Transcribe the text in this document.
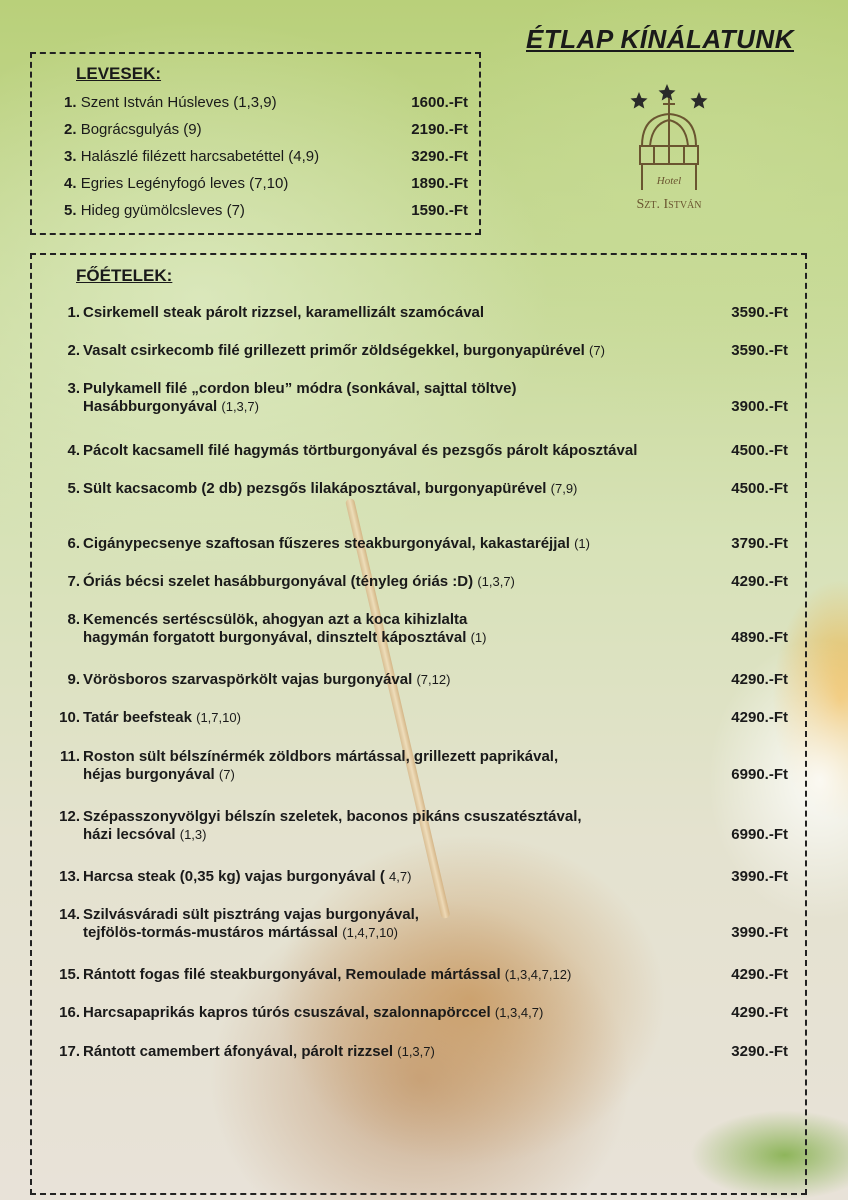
ÉTLAP KÍNÁLATUNK
Hotel
Szt. István
LEVESEK:
1. Szent István Húsleves (1,3,9)	1600.-Ft
2. Bográcsgulyás (9)	2190.-Ft
3. Halászlé filézett harcsabetéttel (4,9)	3290.-Ft
4. Egries Legényfogó leves (7,10)	1890.-Ft
5. Hideg gyümölcsleves (7)	1590.-Ft
FŐÉTELEK:
1. Csirkemell steak párolt rizzsel, karamellizált szamócával	3590.-Ft
2. Vasalt csirkecomb filé grillezett primőr zöldségekkel, burgonyapürével (7)	3590.-Ft
3. Pulykamell filé „cordon bleu” módra (sonkával, sajttal töltve)
Hasábburgonyával (1,3,7)	3900.-Ft
4. Pácolt kacsamell filé hagymás törtburgonyával és pezsgős párolt káposztával	4500.-Ft
5. Sült kacsacomb (2 db) pezsgős lilakáposztával, burgonyapürével (7,9)	4500.-Ft
6. Cigánypecsenye szaftosan fűszeres steakburgonyával, kakastaréjjal (1)	3790.-Ft
7. Óriás bécsi szelet hasábburgonyával (tényleg óriás :D) (1,3,7)	4290.-Ft
8. Kemencés sertéscsülök, ahogyan azt a koca kihizlalta
hagymán forgatott burgonyával, dinsztelt káposztával (1)	4890.-Ft
9. Vörösboros szarvaspörkölt vajas burgonyával (7,12)	4290.-Ft
10. Tatár beefsteak (1,7,10)	4290.-Ft
11. Roston sült bélszínérmék zöldbors mártással, grillezett paprikával,
héjas burgonyával (7)	6990.-Ft
12. Szépasszonyvölgyi bélszín szeletek, baconos pikáns csuszatésztával,
házi lecsóval (1,3)	6990.-Ft
13. Harcsa steak (0,35 kg) vajas burgonyával ( 4,7)	3990.-Ft
14. Szilvásváradi sült pisztráng vajas burgonyával,
tejfölös-tormás-mustáros mártással (1,4,7,10)	3990.-Ft
15. Rántott fogas filé steakburgonyával, Remoulade mártással (1,3,4,7,12)	4290.-Ft
16. Harcsapaprikás kapros túrós csuszával, szalonnapörccel (1,3,4,7)	4290.-Ft
17. Rántott camembert áfonyával, párolt rizzsel (1,3,7)	3290.-Ft
